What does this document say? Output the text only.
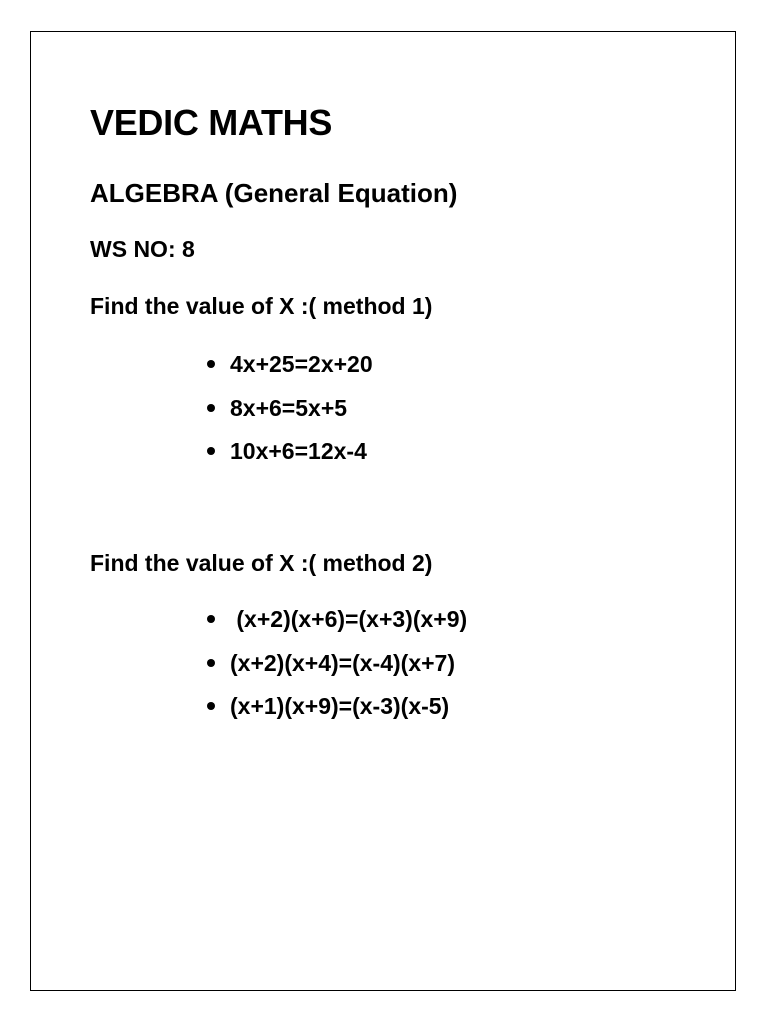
VEDIC MATHS
ALGEBRA (General Equation)

WS NO: 8

Find the value of X :( method 1)

4x+25=2x+20
8x+6=5x+5
10x+6=12x-4

Find the value of X :( method 2)

(x+2)(x+6)=(x+3)(x+9)
(x+2)(x+4)=(x-4)(x+7)
(x+1)(x+9)=(x-3)(x-5)
